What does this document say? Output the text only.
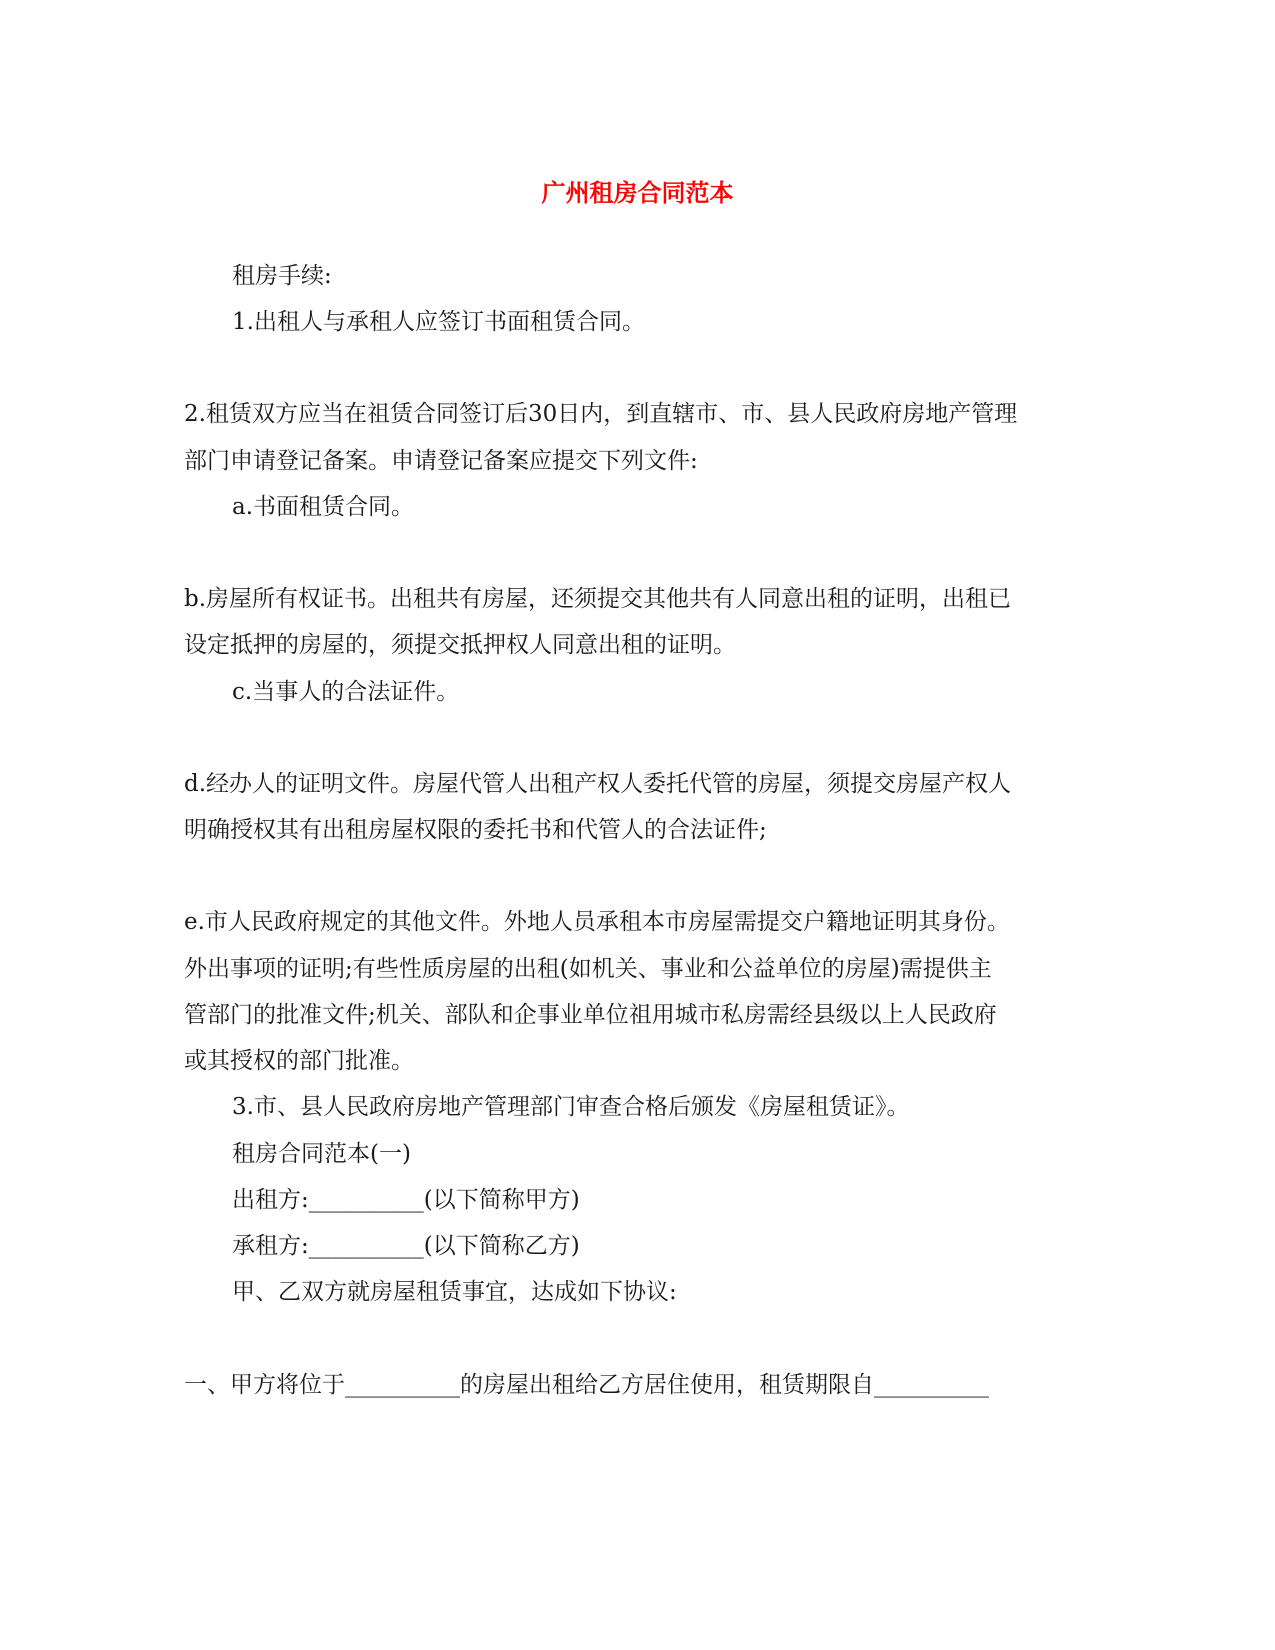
广州租房合同范本
租房手续:
1.出租人与承租人应签订书面租赁合同。
2.租赁双方应当在祖赁合同签订后30日内，到直辖市、市、县人民政府房地产管理
部门申请登记备案。申请登记备案应提交下列文件:
a.书面租赁合同。
b.房屋所有权证书。出租共有房屋，还须提交其他共有人同意出租的证明，出租已
设定抵押的房屋的，须提交抵押权人同意出租的证明。
c.当事人的合法证件。
d.经办人的证明文件。房屋代管人出租产权人委托代管的房屋，须提交房屋产权人
明确授权其有出租房屋权限的委托书和代管人的合法证件;
e.市人民政府规定的其他文件。外地人员承租本市房屋需提交户籍地证明其身份。
外出事项的证明;有些性质房屋的出租(如机关、事业和公益单位的房屋)需提供主
管部门的批准文件;机关、部队和企事业单位祖用城市私房需经县级以上人民政府
或其授权的部门批准。
3.市、县人民政府房地产管理部门审查合格后颁发《房屋租赁证》。
租房合同范本(一)
出租方:__________(以下简称甲方)
承租方:__________(以下简称乙方)
甲、乙双方就房屋租赁事宜，达成如下协议:
一、甲方将位于__________的房屋出租给乙方居住使用，租赁期限自__________
